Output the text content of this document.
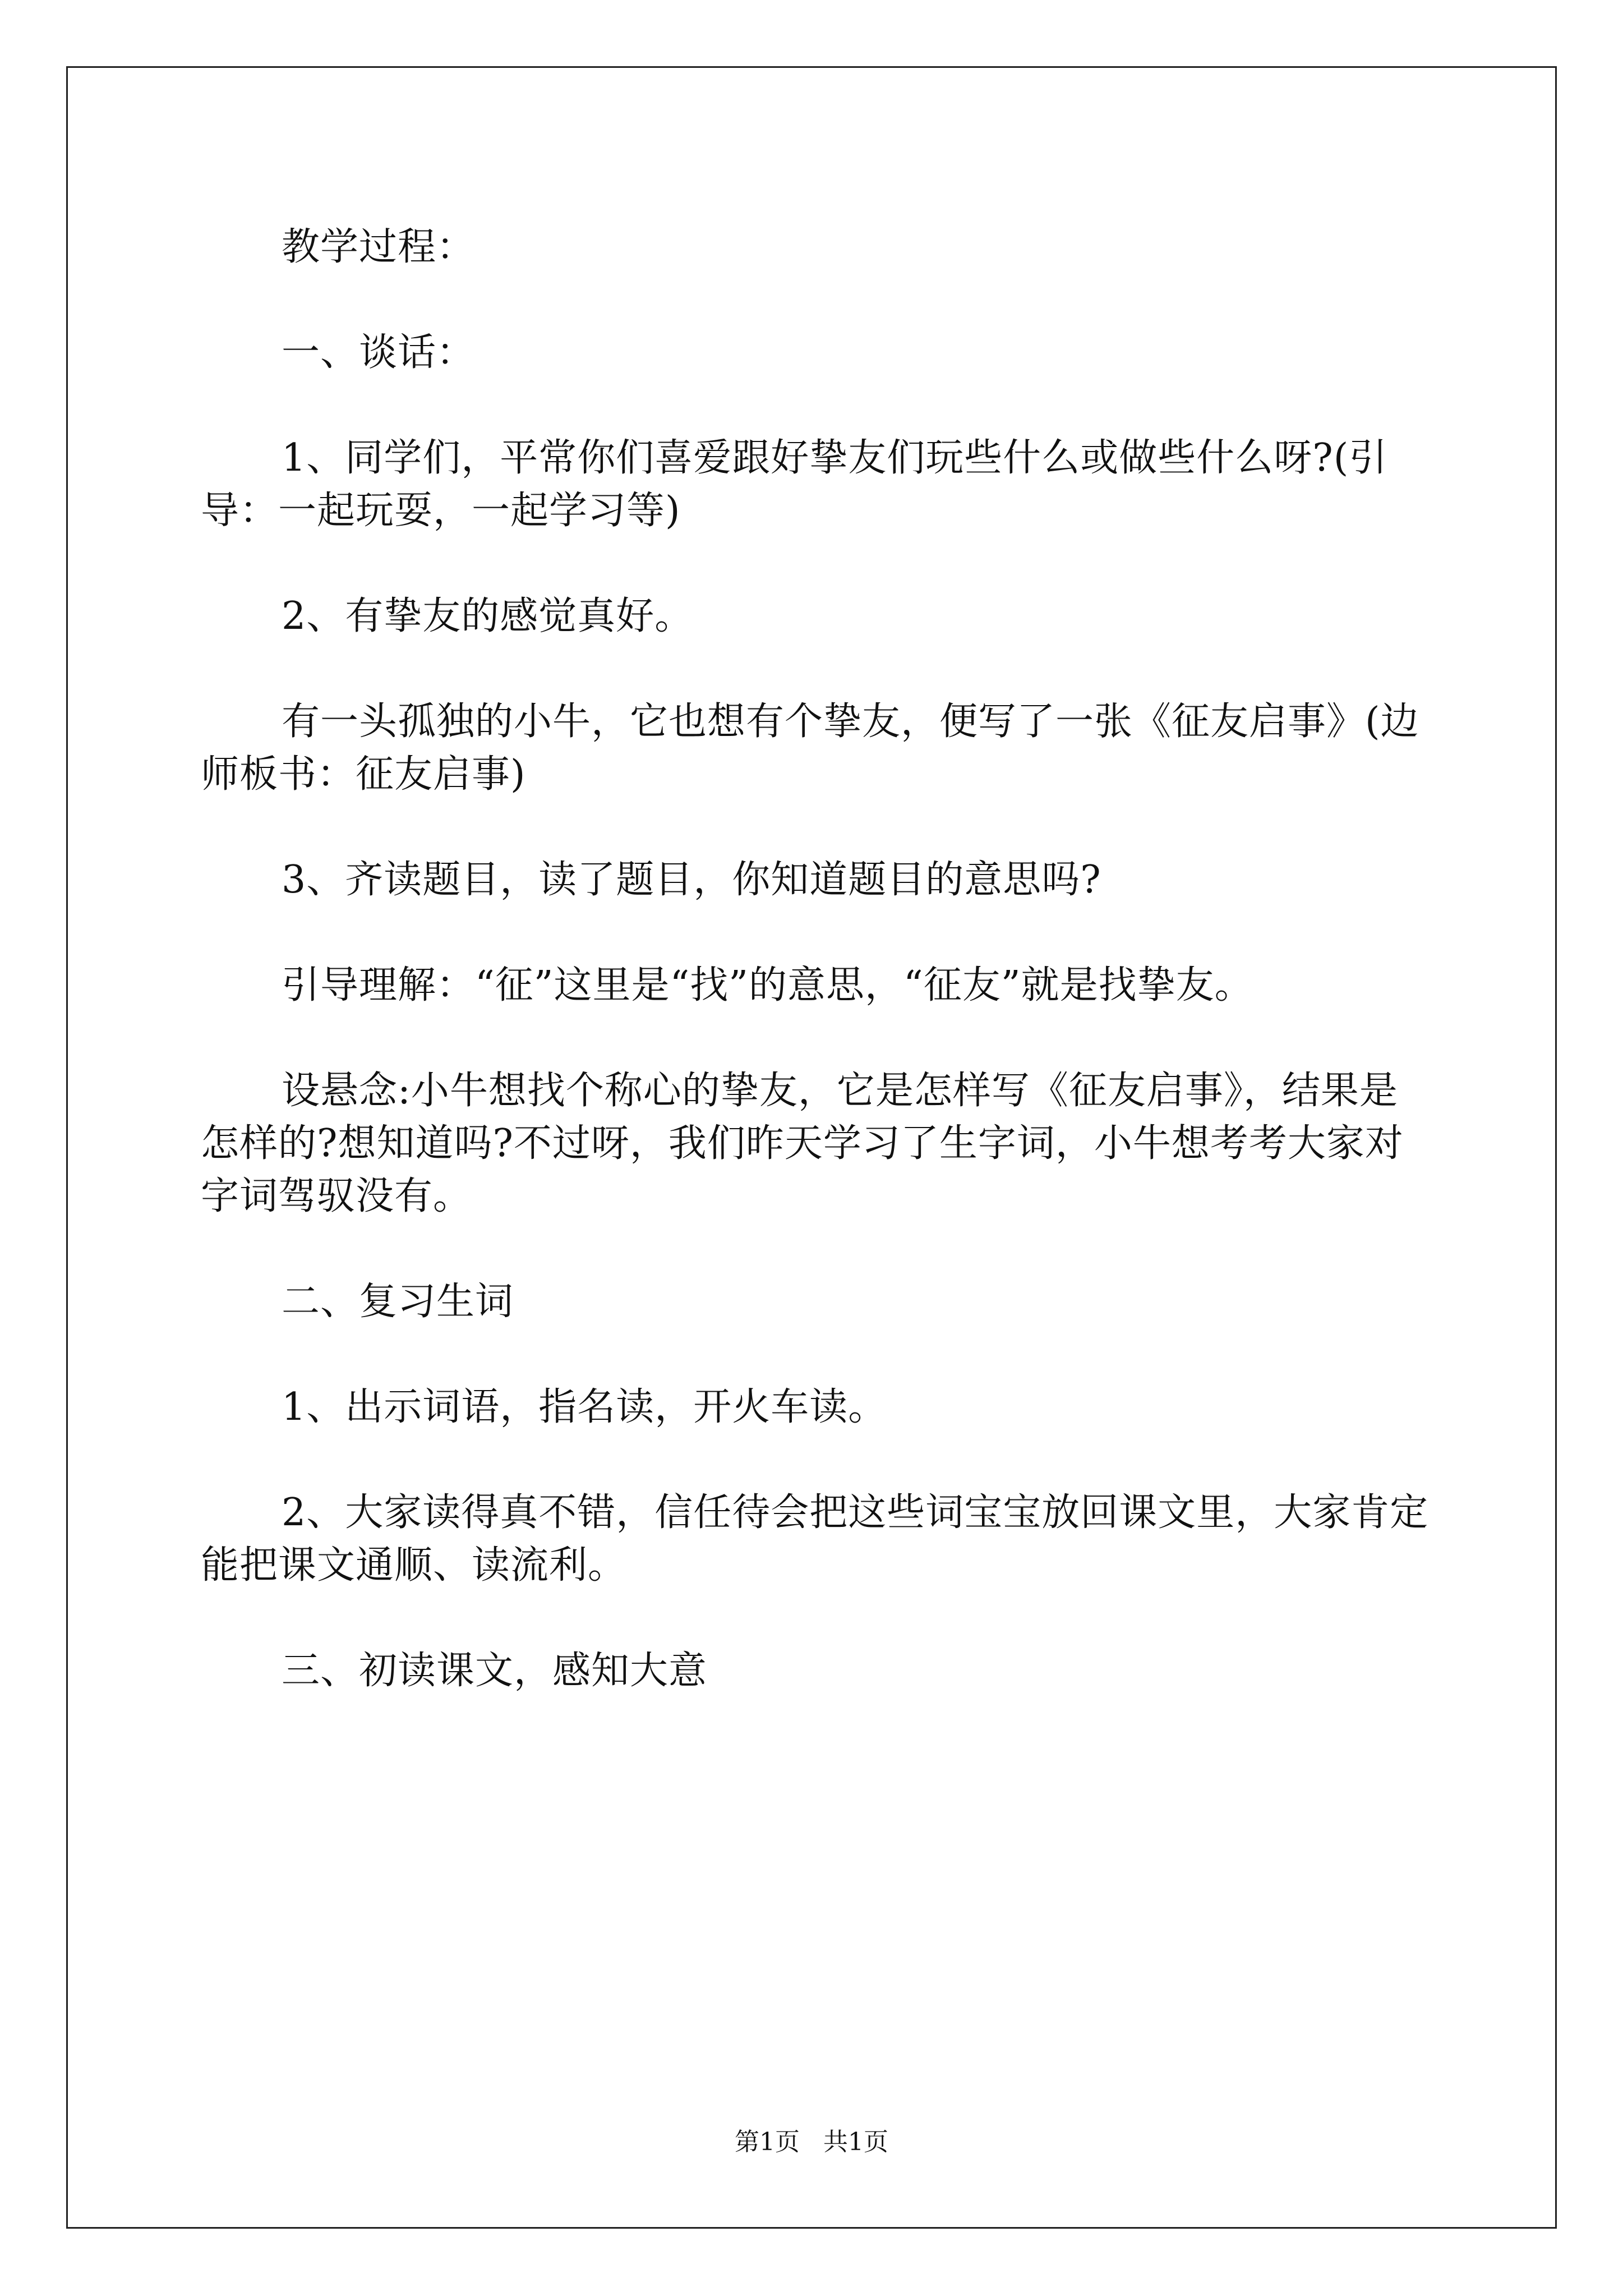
教学过程：

一、谈话：

1、同学们，平常你们喜爱跟好挚友们玩些什么或做些什么呀?(引导：一起玩耍，一起学习等)

2、有挚友的感觉真好。

有一头孤独的小牛，它也想有个挚友，便写了一张《征友启事》(边师板书：征友启事)

3、齐读题目，读了题目，你知道题目的意思吗?

引导理解：“征”这里是“找”的意思，“征友”就是找挚友。

设悬念:小牛想找个称心的挚友，它是怎样写《征友启事》，结果是怎样的?想知道吗?不过呀，我们昨天学习了生字词，小牛想考考大家对字词驾驭没有。

二、复习生词

1、出示词语，指名读，开火车读。

2、大家读得真不错，信任待会把这些词宝宝放回课文里，大家肯定能把课文通顺、读流利。

三、初读课文，感知大意

第1页 共1页
